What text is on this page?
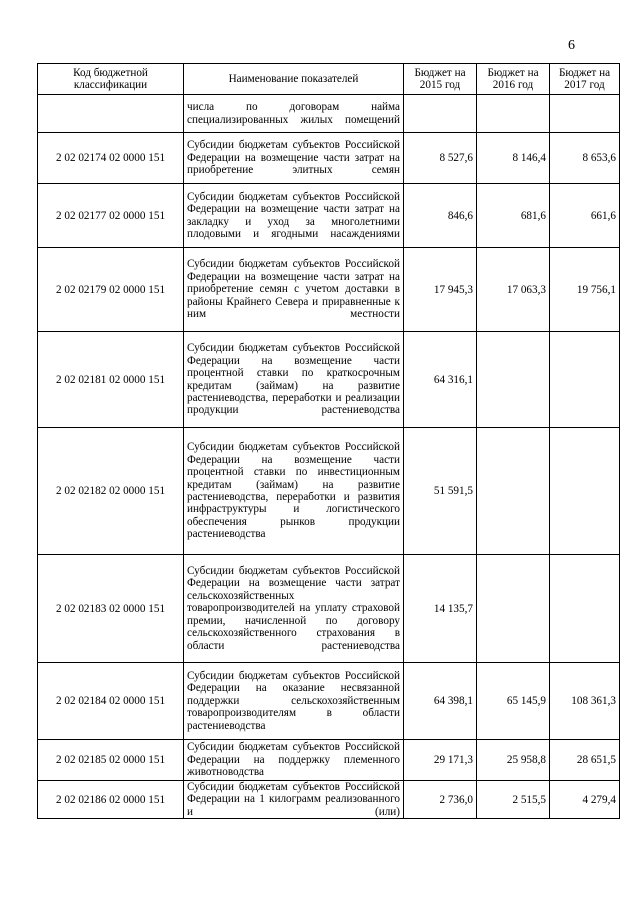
6
Код бюджетной классификации	Наименование показателей	Бюджет на 2015 год	Бюджет на 2016 год	Бюджет на 2017 год
	числа по договорам найма специализированных жилых помещений			
2 02 02174 02 0000 151	Субсидии бюджетам субъектов Российской Федерации на возмещение части затрат на приобретение элитных семян	8 527,6	8 146,4	8 653,6
2 02 02177 02 0000 151	Субсидии бюджетам субъектов Российской Федерации на возмещение части затрат на закладку и уход за многолетними плодовыми и ягодными насаждениями	846,6	681,6	661,6
2 02 02179 02 0000 151	Субсидии бюджетам субъектов Российской Федерации на возмещение части затрат на приобретение семян с учетом доставки в районы Крайнего Севера и приравненные к ним местности	17 945,3	17 063,3	19 756,1
2 02 02181 02 0000 151	Субсидии бюджетам субъектов Российской Федерации на возмещение части процентной ставки по краткосрочным кредитам (займам) на развитие растениеводства, переработки и реализации продукции растениеводства	64 316,1		
2 02 02182 02 0000 151	Субсидии бюджетам субъектов Российской Федерации на возмещение части процентной ставки по инвестиционным кредитам (займам) на развитие растениеводства, переработки и развития инфраструктуры и логистического обеспечения рынков продукции растениеводства	51 591,5		
2 02 02183 02 0000 151	Субсидии бюджетам субъектов Российской Федерации на возмещение части затрат сельскохозяйственных товаропроизводителей на уплату страховой премии, начисленной по договору сельскохозяйственного страхования в области растениеводства	14 135,7		
2 02 02184 02 0000 151	Субсидии бюджетам субъектов Российской Федерации на оказание несвязанной поддержки сельскохозяйственным товаропроизводителям в области растениеводства	64 398,1	65 145,9	108 361,3
2 02 02185 02 0000 151	Субсидии бюджетам субъектов Российской Федерации на поддержку племенного животноводства	29 171,3	25 958,8	28 651,5
2 02 02186 02 0000 151	Субсидии бюджетам субъектов Российской Федерации на 1 килограмм реализованного и (или)	2 736,0	2 515,5	4 279,4
